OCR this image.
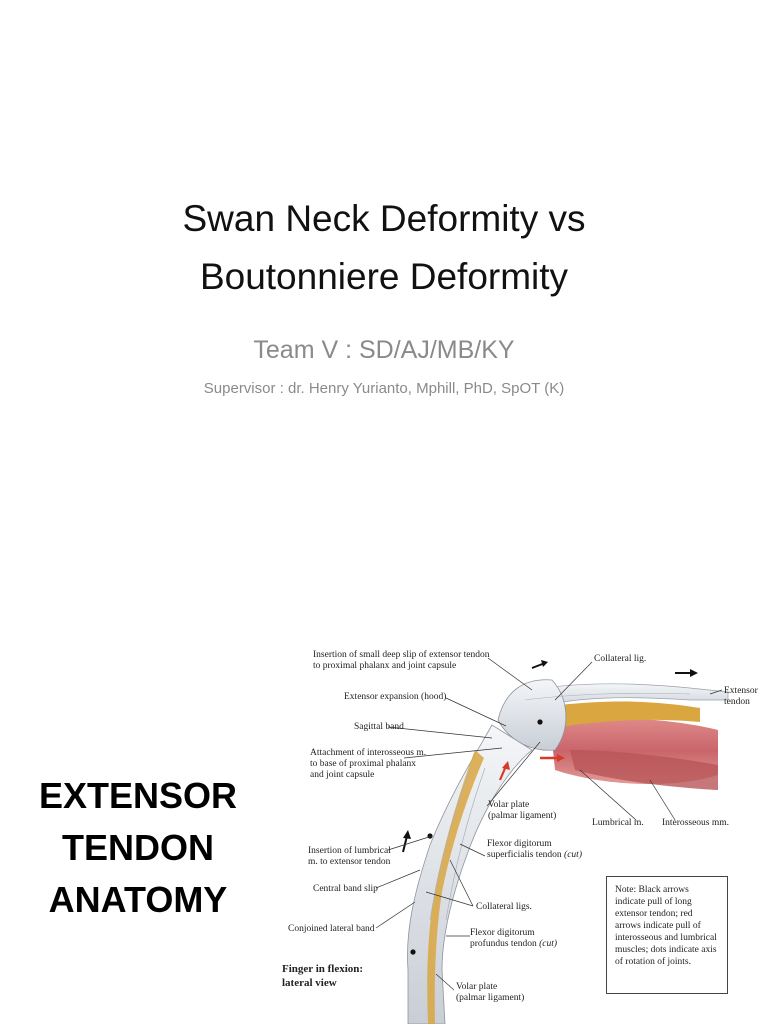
Swan Neck Deformity vs
Boutonniere Deformity

Team V : SD/AJ/MB/KY

Supervisor : dr. Henry Yurianto, Mphill, PhD, SpOT (K)

EXTENSOR
TENDON
ANATOMY
Insertion of small deep slip of extensor tendon
to proximal phalanx and joint capsule
Extensor expansion (hood)
Sagittal band
Attachment of interosseous m.
to base of proximal phalanx
and joint capsule
Collateral lig.
Extensor
tendon
Volar plate
(palmar ligament)
Lumbrical m. Interosseous mm.
Insertion of lumbrical
m. to extensor tendon
Flexor digitorum
superficialis tendon (cut)
Central band slip
Collateral ligs.
Conjoined lateral band	Flexor digitorum
profundus tendon (cut)
Volar plate
(palmar ligament)
Finger in flexion:
lateral view
Note: Black arrows indicate pull of long extensor tendon; red arrows indicate pull of interosseous and lumbrical muscles; dots indicate axis of rotation of joints.
